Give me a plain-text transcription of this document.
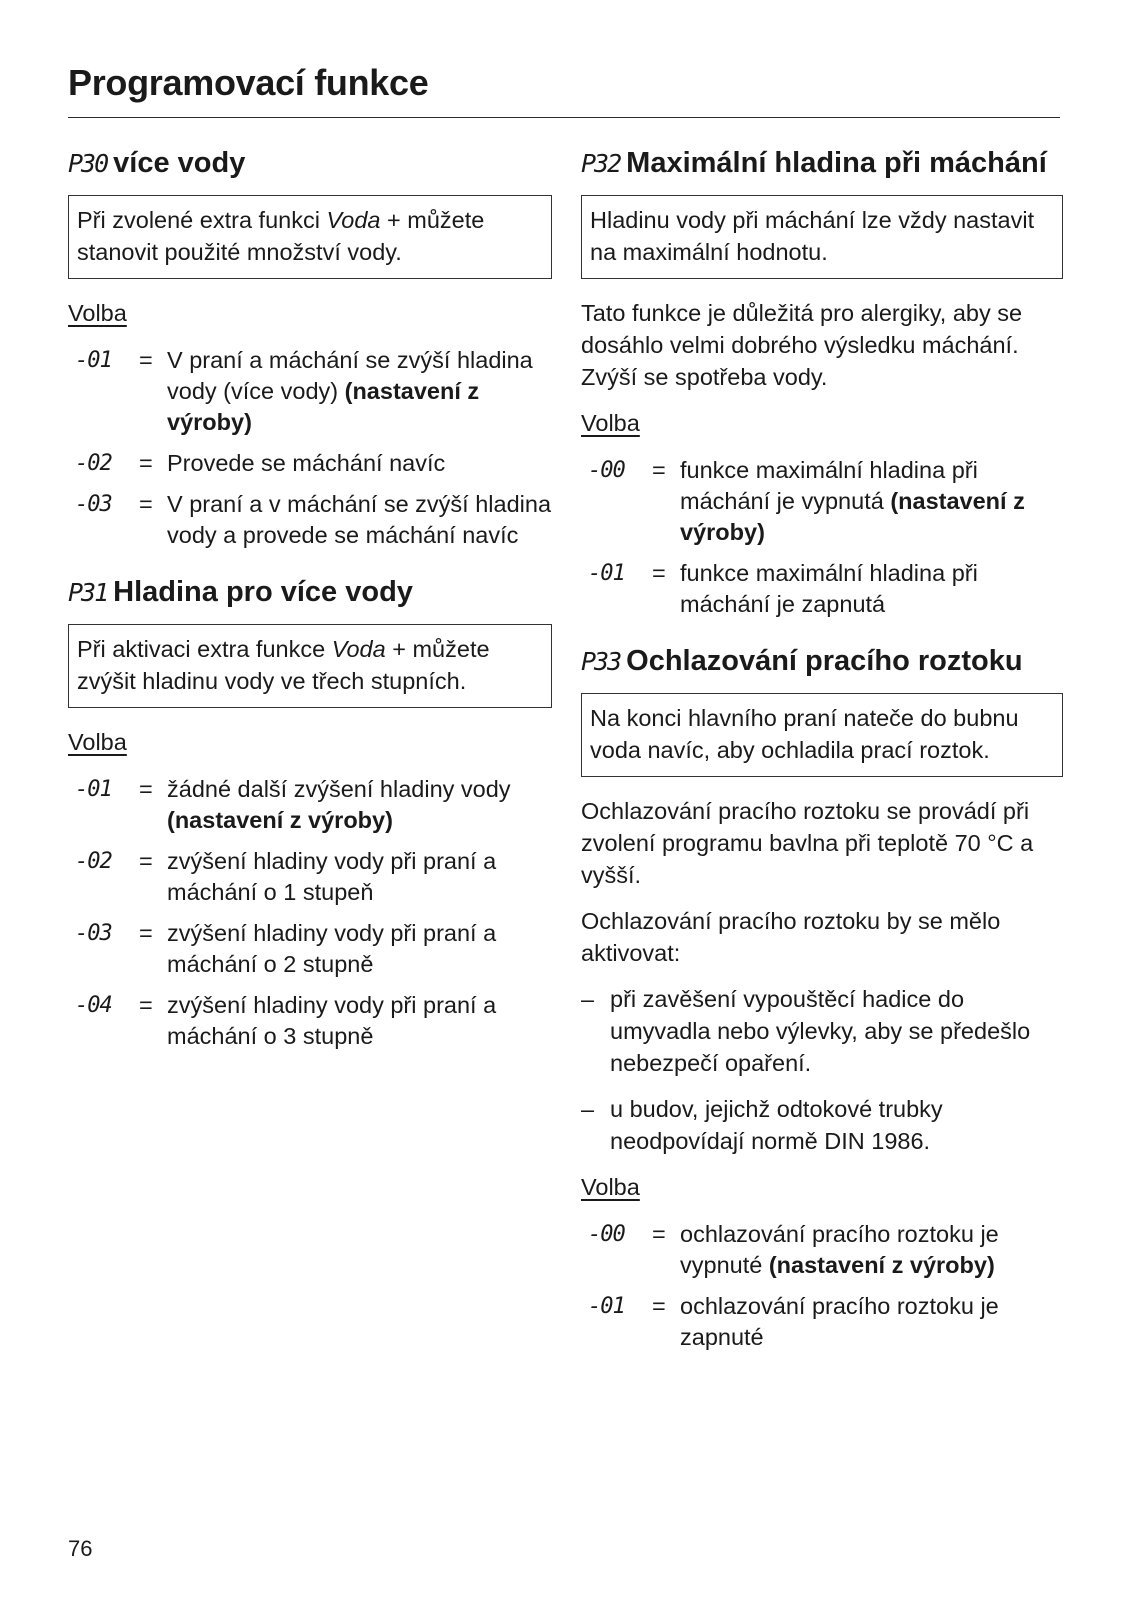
Programovací funkce
P30 více vody
Při zvolené extra funkci Voda + můžete stanovit použité množství vody.

Volba

-01	= V praní a máchání se zvýší hladina vody (více vody) (nastavení z výroby)
-02	= Provede se máchání navíc
-03	= V praní a v máchání se zvýší hladina vody a provede se máchání navíc
P31 Hladina pro více vody
Při aktivaci extra funkce Voda + můžete zvýšit hladinu vody ve třech stupních.

Volba

-01	= žádné další zvýšení hladiny vody (nastavení z výroby)
-02	= zvýšení hladiny vody při praní a máchání o 1 stupeň
-03	= zvýšení hladiny vody při praní a máchání o 2 stupně
-04	= zvýšení hladiny vody při praní a máchání o 3 stupně
P32 Maximální hladina při máchání
Hladinu vody při máchání lze vždy nastavit na maximální hodnotu.

Tato funkce je důležitá pro alergiky, aby se dosáhlo velmi dobrého výsledku máchání. Zvýší se spotřeba vody.

Volba

-00	= funkce maximální hladina při máchání je vypnutá (nastavení z výroby)
-01	= funkce maximální hladina při máchání je zapnutá
P33 Ochlazování pracího roztoku
Na konci hlavního praní nateče do bubnu voda navíc, aby ochladila prací roztok.

Ochlazování pracího roztoku se provádí při zvolení programu bavlna při teplotě 70 °C a vyšší.

Ochlazování pracího roztoku by se mělo aktivovat:

– při zavěšení vypouštěcí hadice do umyvadla nebo výlevky, aby se předešlo nebezpečí opaření.
– u budov, jejichž odtokové trubky neodpovídají normě DIN 1986.

Volba

-00	= ochlazování pracího roztoku je vypnuté (nastavení z výroby)
-01	= ochlazování pracího roztoku je zapnuté
76
